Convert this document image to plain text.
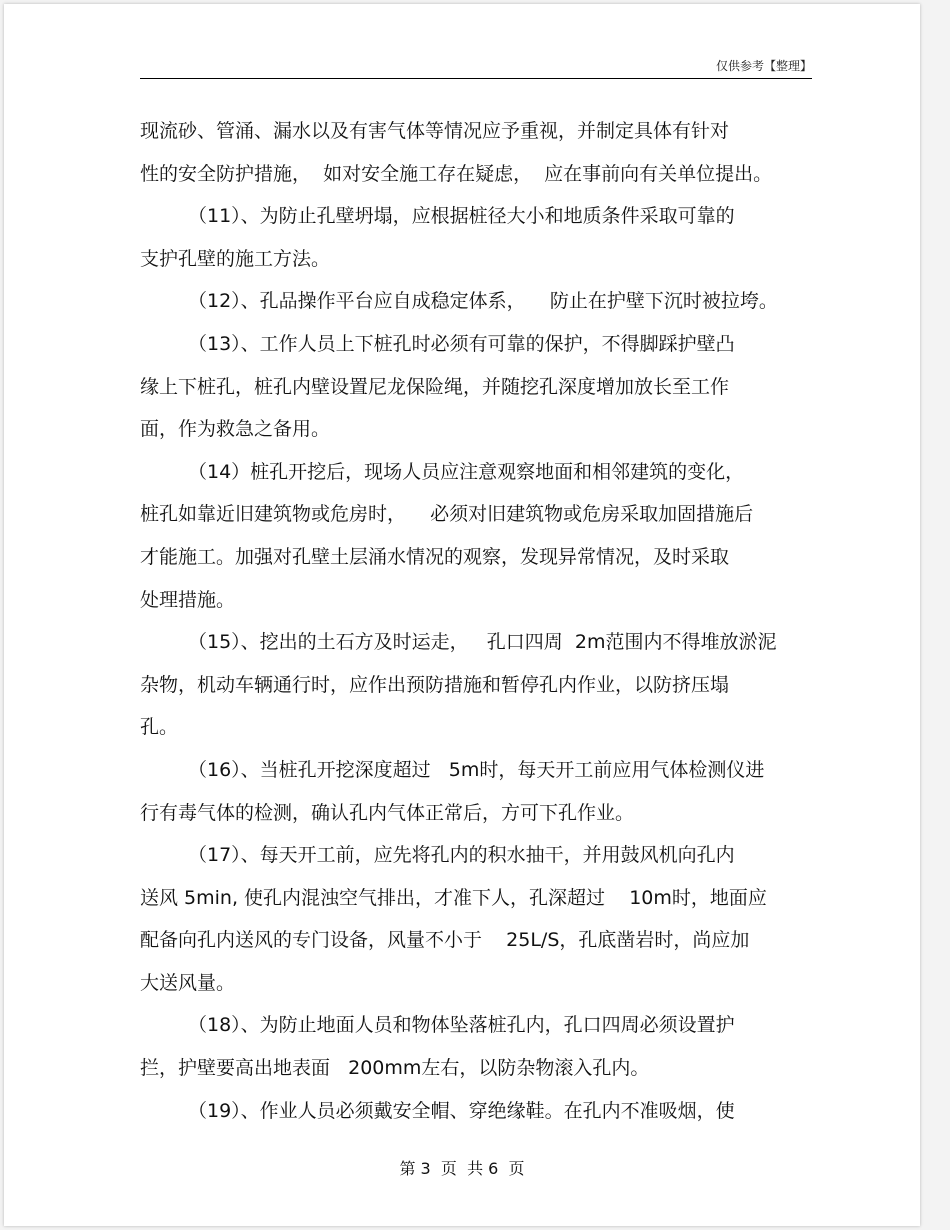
仅供参考【整理】
现流砂、管涌、漏水以及有害气体等情况应予重视，并制定具体有针对
性的安全防护措施，  如对安全施工存在疑虑，  应在事前向有关单位提出。
（11）、为防止孔壁坍塌，应根据桩径大小和地质条件采取可靠的
支护孔壁的施工方法。
（12）、孔品操作平台应自成稳定体系，    防止在护壁下沉时被拉垮。
（13）、工作人员上下桩孔时必须有可靠的保护，不得脚踩护壁凸
缘上下桩孔，桩孔内壁设置尼龙保险绳，并随挖孔深度增加放长至工作
面，作为救急之备用。
（14）桩孔开挖后，现场人员应注意观察地面和相邻建筑的变化，
桩孔如靠近旧建筑物或危房时，    必须对旧建筑物或危房采取加固措施后
才能施工。加强对孔壁土层涌水情况的观察，发现异常情况，及时采取
处理措施。
（15）、挖出的土石方及时运走，   孔口四周  2m范围内不得堆放淤泥
杂物，机动车辆通行时，应作出预防措施和暂停孔内作业，以防挤压塌
孔。
（16）、当桩孔开挖深度超过   5m时，每天开工前应用气体检测仪进
行有毒气体的检测，确认孔内气体正常后，方可下孔作业。
（17）、每天开工前，应先将孔内的积水抽干，并用鼓风机向孔内
送风 5min, 使孔内混浊空气排出，才准下人，孔深超过    10m时，地面应
配备向孔内送风的专门设备，风量不小于    25L/S，孔底凿岩时，尚应加
大送风量。
（18）、为防止地面人员和物体坠落桩孔内，孔口四周必须设置护
拦，护壁要高出地表面   200mm左右，以防杂物滚入孔内。
（19）、作业人员必须戴安全帽、穿绝缘鞋。在孔内不准吸烟，使
第 3  页  共 6  页
